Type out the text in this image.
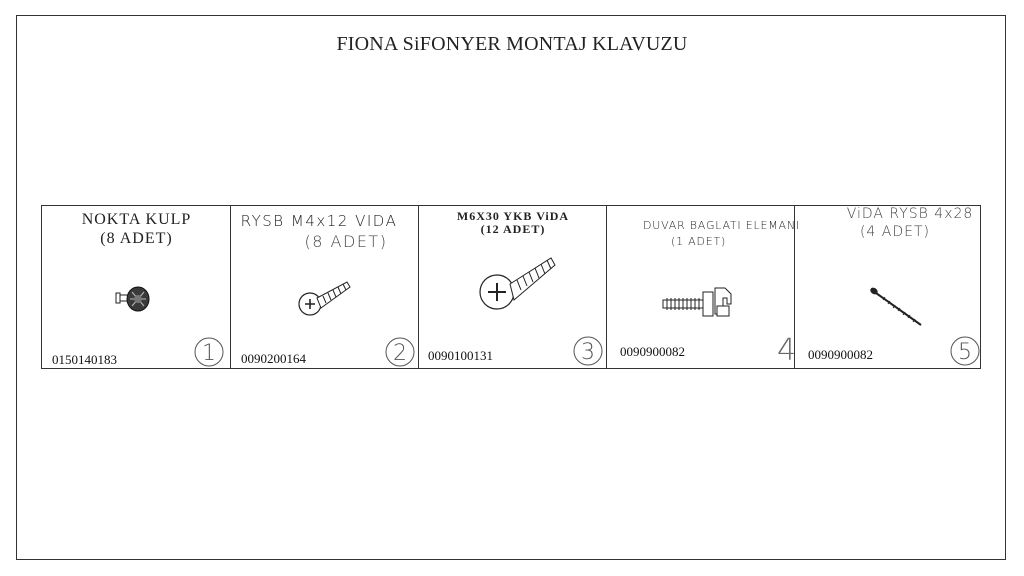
FIONA SiFONYER MONTAJ KLAVUZU
NOKTA KULP
(8 ADET)
0150140183	1
RYSB M4x12 VIDA
(8 ADET)
0090200164	2
M6X30 YKB ViDA
(12 ADET)
0090100131	3
DUVAR BAGLATI ELEMANI
(1 ADET)
0090900082	4
ViDA RYSB 4x28
(4 ADET)
0090900082	5
